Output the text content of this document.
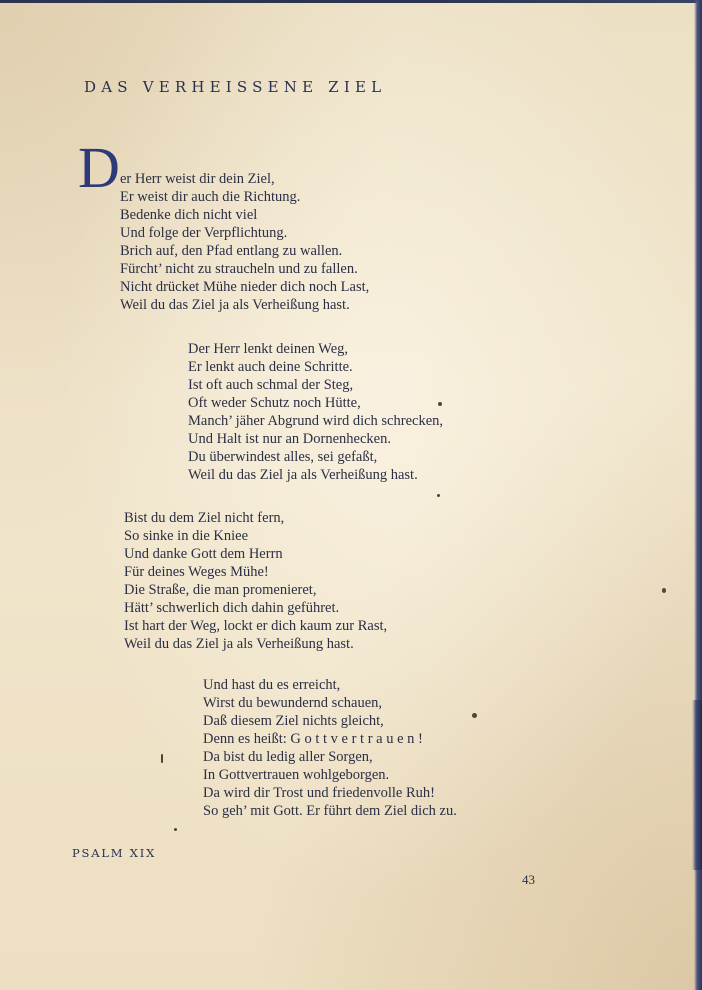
DAS VERHEISSENE ZIEL
D er Herr weist dir dein Ziel,
Er weist dir auch die Richtung.
Bedenke dich nicht viel
Und folge der Verpflichtung.
Brich auf, den Pfad entlang zu wallen.
Fürcht’ nicht zu straucheln und zu fallen.
Nicht drücket Mühe nieder dich noch Last,
Weil du das Ziel ja als Verheißung hast.
Der Herr lenkt deinen Weg,
Er lenkt auch deine Schritte.
Ist oft auch schmal der Steg,
Oft weder Schutz noch Hütte,
Manch’ jäher Abgrund wird dich schrecken,
Und Halt ist nur an Dornenhecken.
Du überwindest alles, sei gefaßt,
Weil du das Ziel ja als Verheißung hast.
Bist du dem Ziel nicht fern,
So sinke in die Kniee
Und danke Gott dem Herrn
Für deines Weges Mühe!
Die Straße, die man promenieret,
Hätt’ schwerlich dich dahin geführet.
Ist hart der Weg, lockt er dich kaum zur Rast,
Weil du das Ziel ja als Verheißung hast.
Und hast du es erreicht,
Wirst du bewundernd schauen,
Daß diesem Ziel nichts gleicht,
Denn es heißt: G o t t v e r t r a u e n !
Da bist du ledig aller Sorgen,
In Gottvertrauen wohlgeborgen.
Da wird dir Trost und friedenvolle Ruh!
So geh’ mit Gott. Er führt dem Ziel dich zu.
PSALM XIX
43
